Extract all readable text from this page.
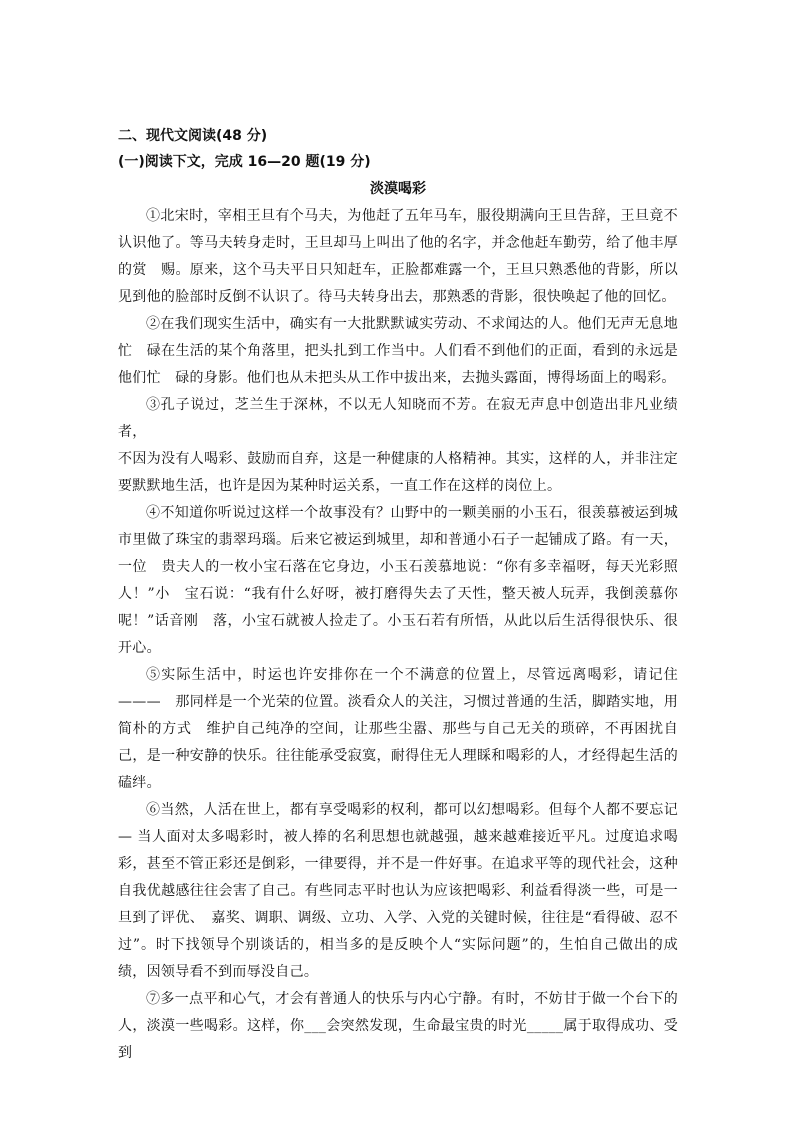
二、现代文阅读(48 分)
(一)阅读下文，完成 16—20 题(19 分)
淡漠喝彩

①北宋时，宰相王旦有个马夫，为他赶了五年马车，服役期满向王旦告辞，王旦竟不认识他了。等马夫转身走时，王旦却马上叫出了他的名字，并念他赶车勤劳，给了他丰厚的赏　赐。原来，这个马夫平日只知赶车，正脸都难露一个，王旦只熟悉他的背影，所以见到他的脸部时反倒不认识了。待马夫转身出去，那熟悉的背影，很快唤起了他的回忆。

②在我们现实生活中，确实有一大批默默诚实劳动、不求闻达的人。他们无声无息地忙　碌在生活的某个角落里，把头扎到工作当中。人们看不到他们的正面，看到的永远是他们忙　碌的身影。他们也从未把头从工作中拔出来，去抛头露面，博得场面上的喝彩。

③孔子说过，芝兰生于深林，不以无人知晓而不芳。在寂无声息中创造出非凡业绩者，

不因为没有人喝彩、鼓励而自弃，这是一种健康的人格精神。其实，这样的人，并非注定要默默地生活，也许是因为某种时运关系，一直工作在这样的岗位上。

④不知道你听说过这样一个故事没有？山野中的一颗美丽的小玉石，很羡慕被运到城市里做了珠宝的翡翠玛瑙。后来它被运到城里，却和普通小石子一起铺成了路。有一天，一位　贵夫人的一枚小宝石落在它身边，小玉石羡慕地说：“你有多幸福呀，每天光彩照人！”小　宝石说：“我有什么好呀，被打磨得失去了天性，整天被人玩弄，我倒羡慕你呢！”话音刚　落，小宝石就被人捡走了。小玉石若有所悟，从此以后生活得很快乐、很开心。

⑤实际生活中，时运也许安排你在一个不满意的位置上，尽管远离喝彩，请记住———　那同样是一个光荣的位置。淡看众人的关注，习惯过普通的生活，脚踏实地，用简朴的方式　维护自己纯净的空间，让那些尘嚣、那些与自己无关的琐碎，不再困扰自己，是一种安静的快乐。往往能承受寂寞，耐得住无人理睬和喝彩的人，才经得起生活的磕绊。

⑥当然，人活在世上，都有享受喝彩的权利，都可以幻想喝彩。但每个人都不要忘记— 当人面对太多喝彩时，被人捧的名利思想也就越强，越来越难接近平凡。过度追求喝彩，甚至不管正彩还是倒彩，一律要得，并不是一件好事。在追求平等的现代社会，这种自我优越感往往会害了自己。有些同志平时也认为应该把喝彩、利益看得淡一些，可是一旦到了评优、　嘉奖、调职、调级、立功、入学、入党的关键时候，往往是“看得破、忍不过”。时下找领导个别谈话的，相当多的是反映个人“实际问题”的，生怕自己做出的成绩，因领导看不到而辱没自己。

⑦多一点平和心气，才会有普通人的快乐与内心宁静。有时，不妨甘于做一个台下的人，淡漠一些喝彩。这样，你___会突然发现，生命最宝贵的时光_____属于取得成功、受到
